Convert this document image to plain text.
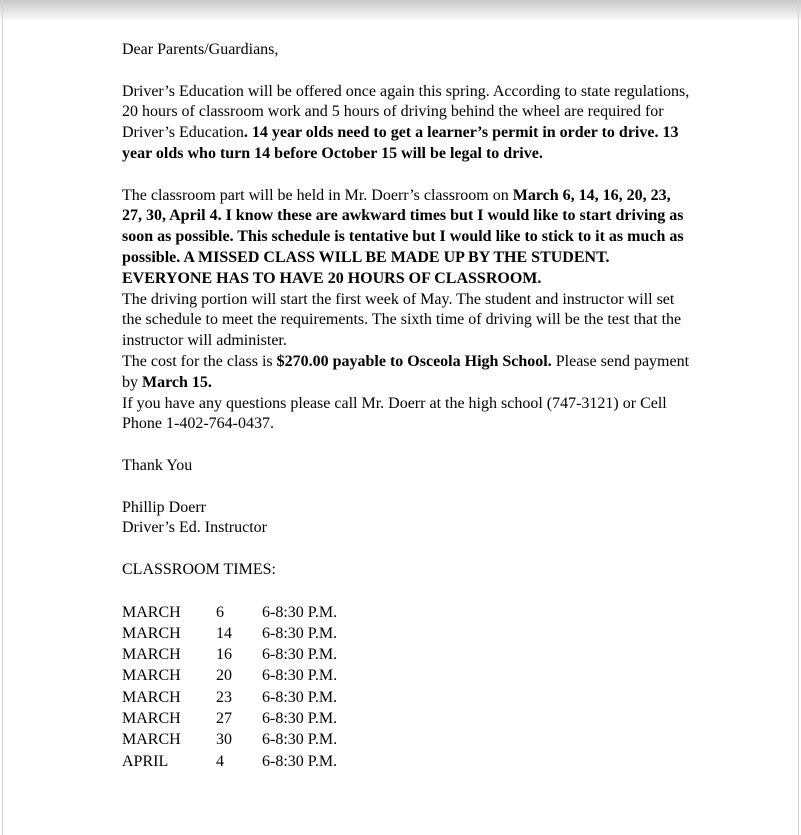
Dear Parents/Guardians,

Driver’s Education will be offered once again this spring. According to state regulations, 20 hours of classroom work and 5 hours of driving behind the wheel are required for Driver’s Education. 14 year olds need to get a learner’s permit in order to drive. 13 year olds who turn 14 before October 15 will be legal to drive.

The classroom part will be held in Mr. Doerr’s classroom on March 6, 14, 16, 20, 23, 27, 30, April 4. I know these are awkward times but I would like to start driving as soon as possible. This schedule is tentative but I would like to stick to it as much as possible. A MISSED CLASS WILL BE MADE UP BY THE STUDENT. EVERYONE HAS TO HAVE 20 HOURS OF CLASSROOM.

The driving portion will start the first week of May. The student and instructor will set the schedule to meet the requirements. The sixth time of driving will be the test that the instructor will administer.

The cost for the class is $270.00 payable to Osceola High School. Please send payment by March 15.

If you have any questions please call Mr. Doerr at the high school (747-3121) or Cell Phone 1-402-764-0437.

Thank You

Phillip Doerr

Driver’s Ed. Instructor

CLASSROOM TIMES:

MARCH	6	6-8:30 P.M.
MARCH	14	6-8:30 P.M.
MARCH	16	6-8:30 P.M.
MARCH	20	6-8:30 P.M.
MARCH	23	6-8:30 P.M.
MARCH	27	6-8:30 P.M.
MARCH	30	6-8:30 P.M.
APRIL	4	6-8:30 P.M.
